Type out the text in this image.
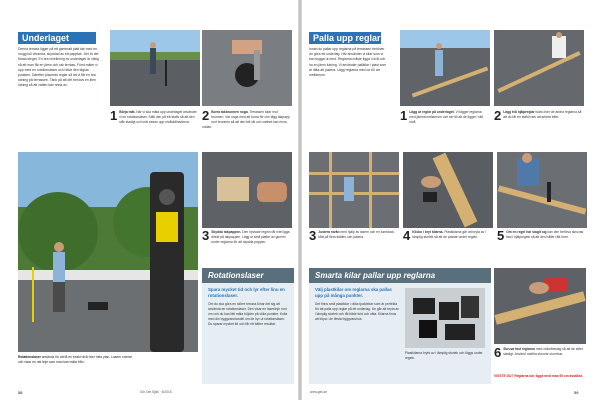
Underlaget
Denna terrass ligger på ett gammalt platt tak med en mogg full veranda, skyddad av ett papptak. Det är det första steget. En bra nivellering av underlaget är viktig så att man får en jämn och rak terrass. Först mäter vi upp med en rotationslaser och hittar den lägsta punkten. Därefter placeras reglar så att vi får en bra lutning på terrassen. Tänk på att det behövs en liten lutning så att vatten kan rinna av.
1 Börja mät. När vi ska mäta upp underlaget använder vi en rotationslaser. Ställ den på ett stativ så att den står stadigt och mät sedan upp nivåskillnaderna. 2 Borra takbrunnen noga. Terrassen lutar mot brunnen. Var noga med att borra för och lägg takpapp runt brunnen så att den blir tät och vattnet kan rinna undan.
Rotationslaser används för att få en exakt nivå över hela ytan. Lasern roterar och visar en rak linje som man kan mäta från.
3 Skydda takpappen. Den hyvlade regeln får inte ligga direkt på takpappen. Lägg ut små plattor av gummi under reglarna för att skydda pappen.
Rotationslaser
Spara mycket tid och lyr efter linu en rotationslaser.
Om du ska göra en större terrass lönar det sig att använda en rotationslaser. Den visar en laserlinje runt om och du kan lätt mäta höjden på olika punkter. Kolla med din byggvaruhandel om de hyr ut rotationslaser. Du sparar mycket tid och får ett bättre resultat.
58	Gör Det Själv · 6/2015
Palla upp reglar
Innan du pallar upp reglarna på terrassen behöver du göra ett underlag. Här använder vi kilar som vi kan bygga ut med. Reglarna måste ligga i nivå och ha en jämn lutning. Vi använder pallkilar i plast som är lätta att justera. Lägg reglarna med ca 60 cm mellanrum.
1 Lägg ut reglar på underlaget. Vi lägger reglarna med jämna mellanrum och ser till att de ligger i rätt nivå.	2 Lägg två hjälpreglar tvärs över de andra reglarna så att du får en stabil ram att arbeta efter.
3 Justera nivån med hjälp av lasern och en tumstock. Mät på flera ställen och justera.	4 Klicka i bryt kilarna. Plastkilarna går att bryta av i lämplig storlek så att de passar under regeln.	5 Om en regel har slagit sig kan den behöva skruvas fast i hjälpregeln så att den håller rätt form.
Smarta kilar pallar upp reglarna
Välj plastkilar om reglarna ska pallas upp på många punkter.
Det finns små plastkilar i olika tjocklekar som är perfekta för att palla upp reglar på ett underlag. De går att bryta av i lämplig storlek och tål både fukt och väta. Kilarna finns att köpa i de flesta byggvaruhus.
Plastkilarna bryts av i lämplig storlek och läggs under regeln.	6 Skruva fast reglarna med vinkelbeslag så att de sitter stadigt. Använd rostfria skruvar utomhus.
VISSTE DU? Reglarna bör ligga med max 60 cm avstånd.
www.gds.se	59
